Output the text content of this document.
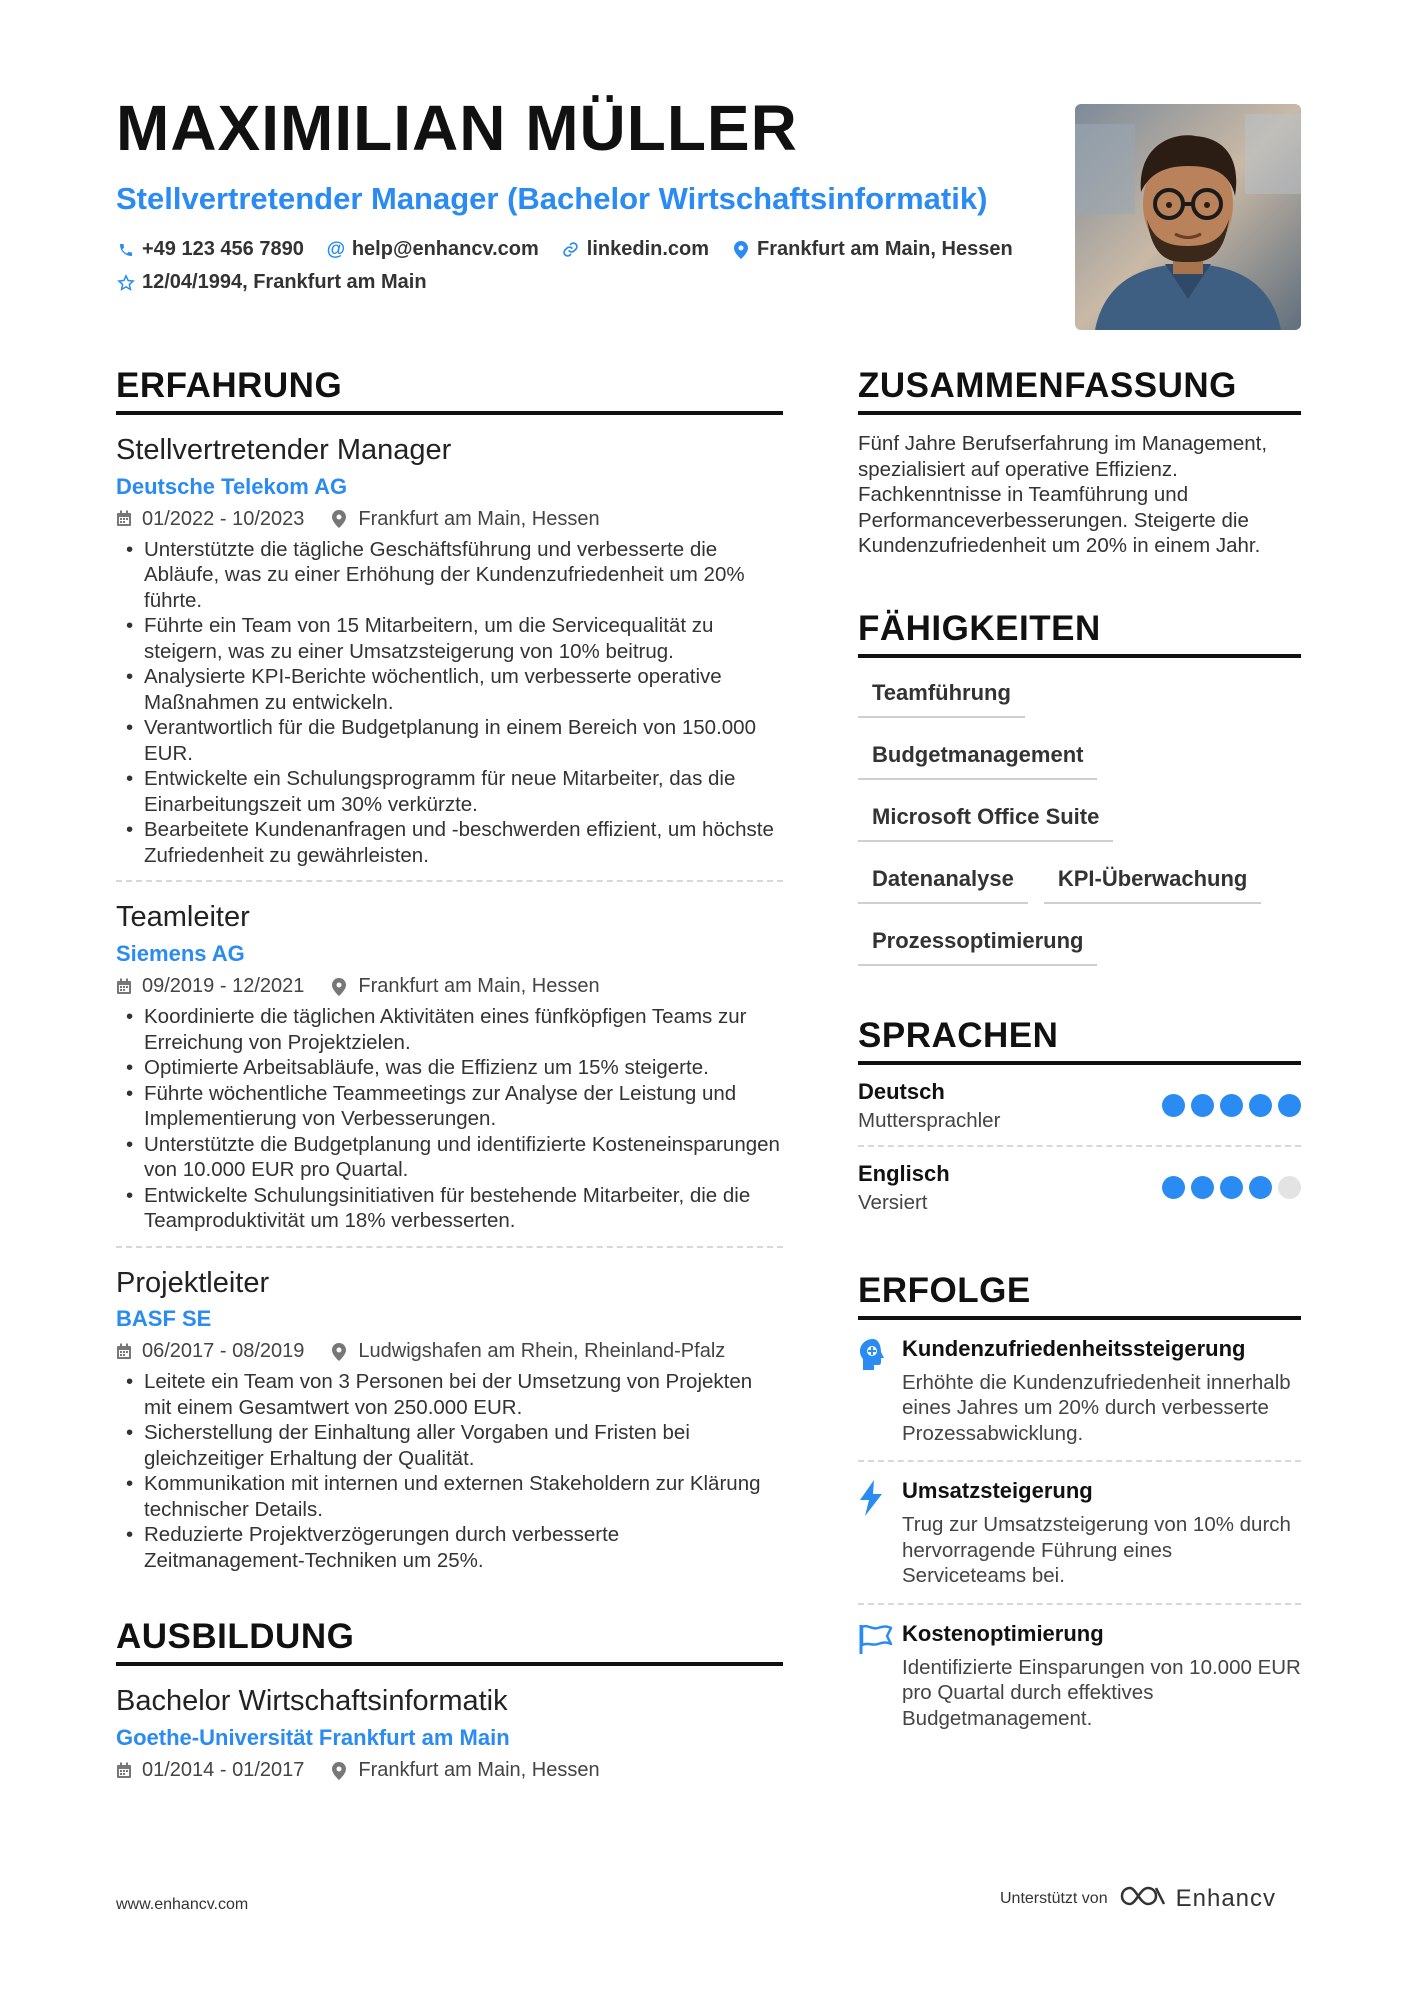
MAXIMILIAN MÜLLER
Stellvertretender Manager (Bachelor Wirtschaftsinformatik)
+49 123 456 7890 @ help@enhancv.com linkedin.com Frankfurt am Main, Hessen
12/04/1994, Frankfurt am Main
ERFAHRUNG
Stellvertretender Manager
Deutsche Telekom AG
01/2022 - 10/2023	Frankfurt am Main, Hessen
• Unterstützte die tägliche Geschäftsführung und verbesserte die Abläufe, was zu einer Erhöhung der Kundenzufriedenheit um 20% führte.
• Führte ein Team von 15 Mitarbeitern, um die Servicequalität zu steigern, was zu einer Umsatzsteigerung von 10% beitrug.
• Analysierte KPI-Berichte wöchentlich, um verbesserte operative Maßnahmen zu entwickeln.
• Verantwortlich für die Budgetplanung in einem Bereich von 150.000 EUR.
• Entwickelte ein Schulungsprogramm für neue Mitarbeiter, das die Einarbeitungszeit um 30% verkürzte.
• Bearbeitete Kundenanfragen und -beschwerden effizient, um höchste Zufriedenheit zu gewährleisten.
Teamleiter
Siemens AG
09/2019 - 12/2021	Frankfurt am Main, Hessen
• Koordinierte die täglichen Aktivitäten eines fünfköpfigen Teams zur Erreichung von Projektzielen.
• Optimierte Arbeitsabläufe, was die Effizienz um 15% steigerte.
• Führte wöchentliche Teammeetings zur Analyse der Leistung und Implementierung von Verbesserungen.
• Unterstützte die Budgetplanung und identifizierte Kosteneinsparungen von 10.000 EUR pro Quartal.
• Entwickelte Schulungsinitiativen für bestehende Mitarbeiter, die die Teamproduktivität um 18% verbesserten.
Projektleiter
BASF SE
06/2017 - 08/2019	Ludwigshafen am Rhein, Rheinland-Pfalz
• Leitete ein Team von 3 Personen bei der Umsetzung von Projekten mit einem Gesamtwert von 250.000 EUR.
• Sicherstellung der Einhaltung aller Vorgaben und Fristen bei gleichzeitiger Erhaltung der Qualität.
• Kommunikation mit internen und externen Stakeholdern zur Klärung technischer Details.
• Reduzierte Projektverzögerungen durch verbesserte Zeitmanagement-Techniken um 25%.
AUSBILDUNG
Bachelor Wirtschaftsinformatik
Goethe-Universität Frankfurt am Main
01/2014 - 01/2017	Frankfurt am Main, Hessen
ZUSAMMENFASSUNG
Fünf Jahre Berufserfahrung im Management, spezialisiert auf operative Effizienz. Fachkenntnisse in Teamführung und Performanceverbesserungen. Steigerte die Kundenzufriedenheit um 20% in einem Jahr.
FÄHIGKEITEN
Teamführung
Budgetmanagement
Microsoft Office Suite
Datenanalyse	KPI-Überwachung
Prozessoptimierung
SPRACHEN
Deutsch
Muttersprachler
Englisch
Versiert
ERFOLGE
Kundenzufriedenheitssteigerung
Erhöhte die Kundenzufriedenheit innerhalb eines Jahres um 20% durch verbesserte Prozessabwicklung.
Umsatzsteigerung
Trug zur Umsatzsteigerung von 10% durch hervorragende Führung eines Serviceteams bei.
Kostenoptimierung
Identifizierte Einsparungen von 10.000 EUR pro Quartal durch effektives Budgetmanagement.
www.enhancv.com	Unterstützt von	Enhancv
